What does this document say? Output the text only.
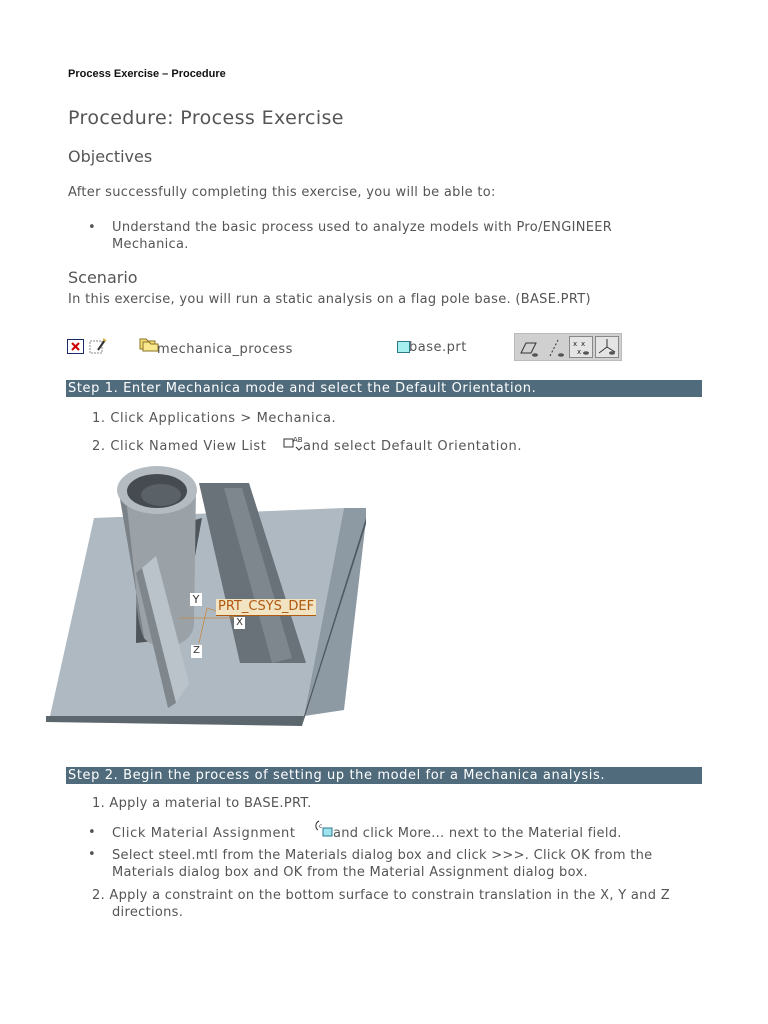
Process Exercise – Procedure
Procedure: Process Exercise
Objectives
After successfully completing this exercise, you will be able to:
• Understand the basic process used to analyze models with Pro/ENGINEER
Mechanica.
Scenario
In this exercise, you will run a static analysis on a flag pole base. (BASE.PRT)
mechanica_process	base.prt	x x
x
Step 1. Enter Mechanica mode and select the Default Orientation.
1. Click Applications > Mechanica.
2. Click Named View List	AB and select Default Orientation.
Y PRT_CSYS_DEF
X
Z
Step 2. Begin the process of setting up the model for a Mechanica analysis.
1. Apply a material to BASE.PRT.
• Click Material Assignment	c and click More... next to the Material field.
• Select steel.mtl from the Materials dialog box and click >>>. Click OK from the
Materials dialog box and OK from the Material Assignment dialog box.
2. Apply a constraint on the bottom surface to constrain translation in the X, Y and Z
directions.
